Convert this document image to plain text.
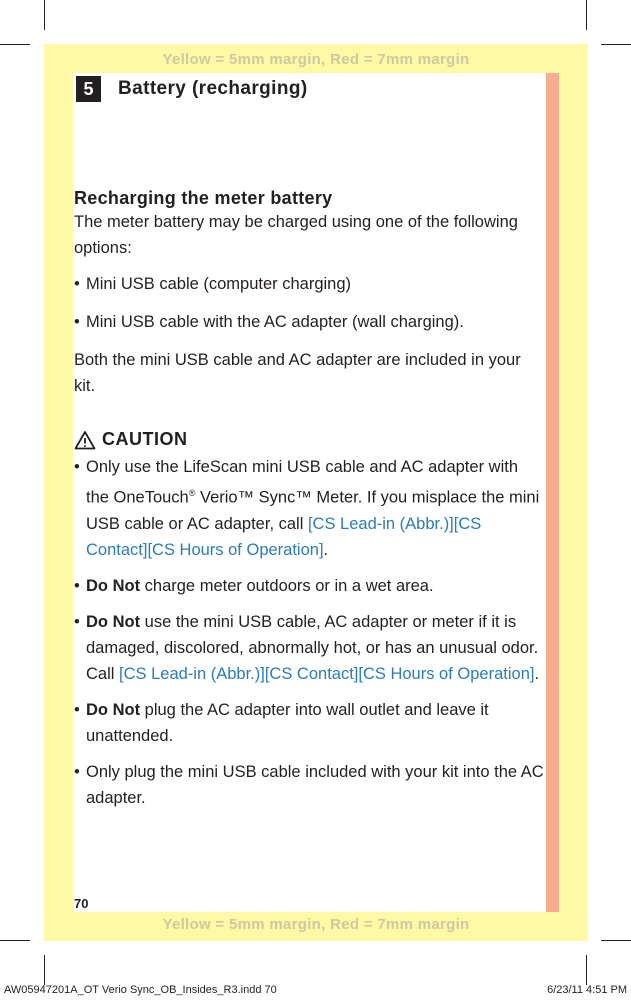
Yellow = 5mm margin, Red = 7mm margin
Yellow = 5mm margin, Red = 7mm margin
5	Battery (recharging)

Recharging the meter battery

The meter battery may be charged using one of the following options:

• Mini USB cable (computer charging)

• Mini USB cable with the AC adapter (wall charging).

Both the mini USB cable and AC adapter are included in your kit.

CAUTION

• Only use the LifeScan mini USB cable and AC adapter with the OneTouch® Verio™ Sync™ Meter. If you misplace the mini USB cable or AC adapter, call [CS Lead-in (Abbr.)][CS Contact][CS Hours of Operation].

• Do Not charge meter outdoors or in a wet area.

• Do Not use the mini USB cable, AC adapter or meter if it is damaged, discolored, abnormally hot, or has an unusual odor. Call [CS Lead-in (Abbr.)][CS Contact][CS Hours of Operation].

• Do Not plug the AC adapter into wall outlet and leave it unattended.

• Only plug the mini USB cable included with your kit into the AC adapter.

70
AW05947201A_OT Verio Sync_OB_Insides_R3.indd 70	6/23/11 4:51 PM
